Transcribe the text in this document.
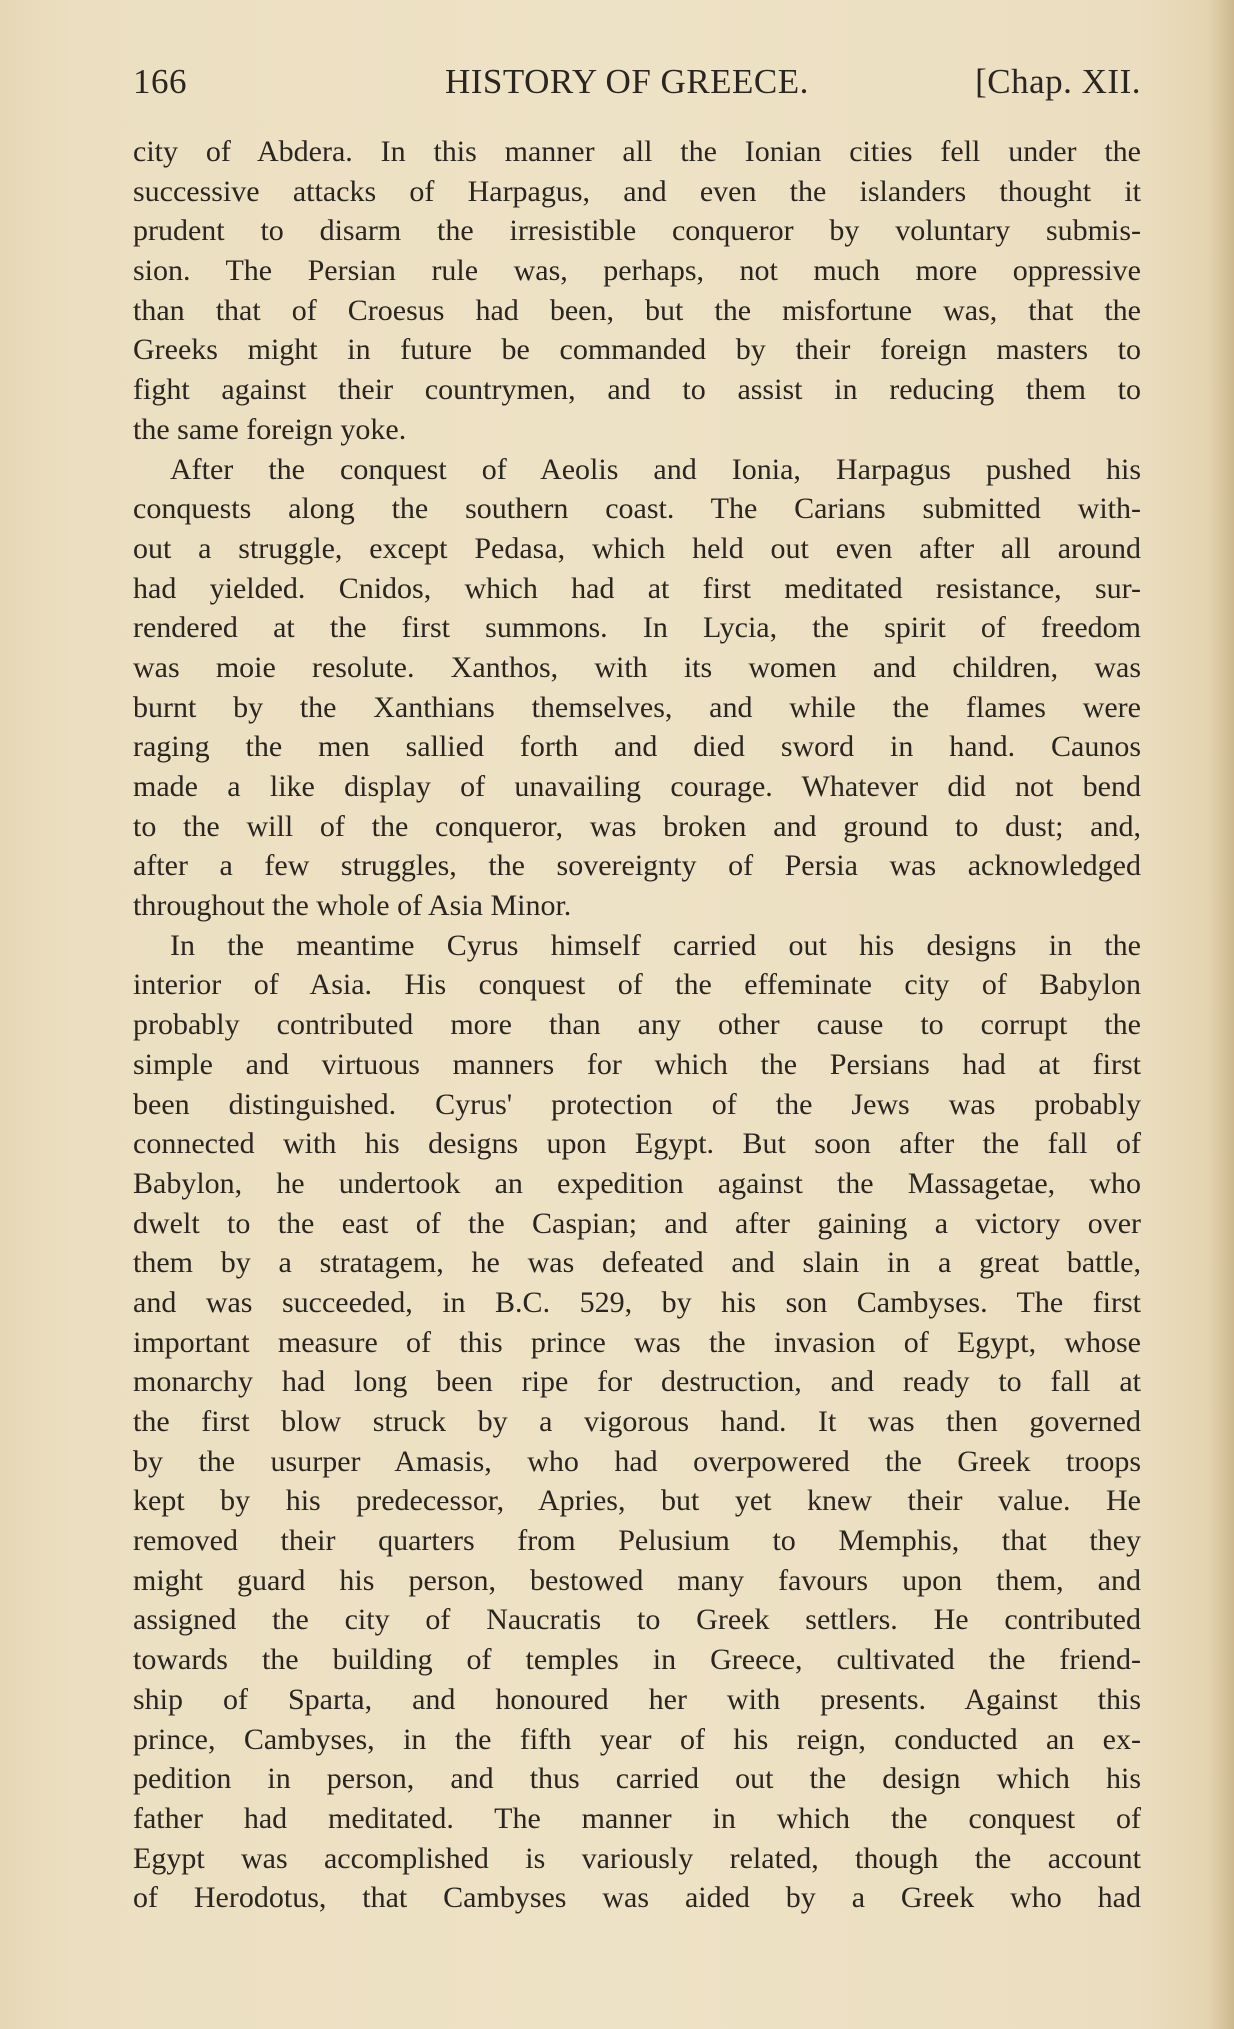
166	HISTORY OF GREECE.	[Chap. XII.
city of Abdera. In this manner all the Ionian cities fell under the
successive attacks of Harpagus, and even the islanders thought it
prudent to disarm the irresistible conqueror by voluntary submis-
sion. The Persian rule was, perhaps, not much more oppressive
than that of Croesus had been, but the misfortune was, that the
Greeks might in future be commanded by their foreign masters to
fight against their countrymen, and to assist in reducing them to
the same foreign yoke.
After the conquest of Aeolis and Ionia, Harpagus pushed his
conquests along the southern coast. The Carians submitted with-
out a struggle, except Pedasa, which held out even after all around
had yielded. Cnidos, which had at first meditated resistance, sur-
rendered at the first summons. In Lycia, the spirit of freedom
was moie resolute. Xanthos, with its women and children, was
burnt by the Xanthians themselves, and while the flames were
raging the men sallied forth and died sword in hand. Caunos
made a like display of unavailing courage. Whatever did not bend
to the will of the conqueror, was broken and ground to dust; and,
after a few struggles, the sovereignty of Persia was acknowledged
throughout the whole of Asia Minor.
In the meantime Cyrus himself carried out his designs in the
interior of Asia. His conquest of the effeminate city of Babylon
probably contributed more than any other cause to corrupt the
simple and virtuous manners for which the Persians had at first
been distinguished. Cyrus' protection of the Jews was probably
connected with his designs upon Egypt. But soon after the fall of
Babylon, he undertook an expedition against the Massagetae, who
dwelt to the east of the Caspian; and after gaining a victory over
them by a stratagem, he was defeated and slain in a great battle,
and was succeeded, in B.C. 529, by his son Cambyses. The first
important measure of this prince was the invasion of Egypt, whose
monarchy had long been ripe for destruction, and ready to fall at
the first blow struck by a vigorous hand. It was then governed
by the usurper Amasis, who had overpowered the Greek troops
kept by his predecessor, Apries, but yet knew their value. He
removed their quarters from Pelusium to Memphis, that they
might guard his person, bestowed many favours upon them, and
assigned the city of Naucratis to Greek settlers. He contributed
towards the building of temples in Greece, cultivated the friend-
ship of Sparta, and honoured her with presents. Against this
prince, Cambyses, in the fifth year of his reign, conducted an ex-
pedition in person, and thus carried out the design which his
father had meditated. The manner in which the conquest of
Egypt was accomplished is variously related, though the account
of Herodotus, that Cambyses was aided by a Greek who had
